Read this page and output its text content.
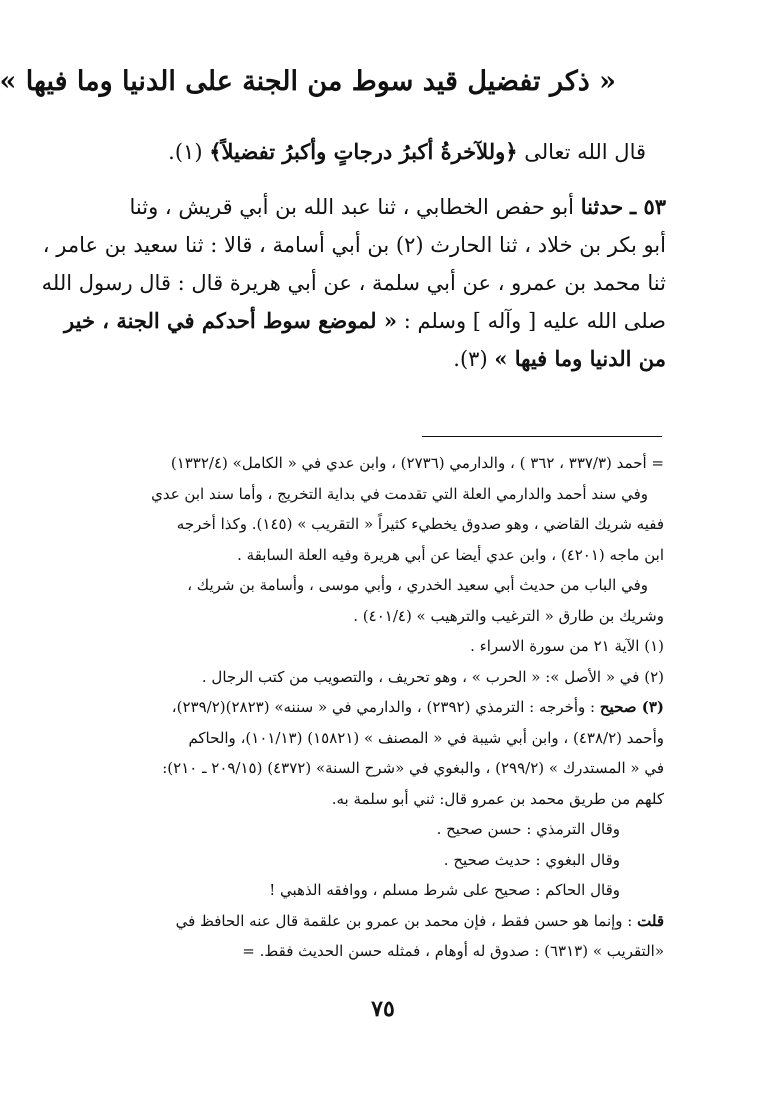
« ذكر تفضيل قيد سوط من الجنة على الدنيا وما فيها »
قال الله تعالى ﴿وللآخرةُ أكبرُ درجاتٍ وأكبرُ تفضيلاً﴾ (١).
٥٣ ـ حدثنا أبو حفص الخطابي ، ثنا عبد الله بن أبي قريش ، وثنا
أبو بكر بن خلاد ، ثنا الحارث (٢) بن أبي أسامة ، قالا : ثنا سعيد بن عامر ،
ثنا محمد بن عمرو ، عن أبي سلمة ، عن أبي هريرة قال : قال رسول الله
صلى الله عليه [ وآله ] وسلم : « لموضع سوط أحدكم في الجنة ، خير
من الدنيا وما فيها » (٣).
= أحمد (٣٣٧/٣ ، ٣٦٢ ) ، والدارمي (٢٧٣٦) ، وابن عدي في « الكامل» (١٣٣٢/٤)
وفي سند أحمد والدارمي العلة التي تقدمت في بداية التخريج ، وأما سند ابن عدي
ففيه شريك القاضي ، وهو صدوق يخطيء كثيراً « التقريب » (١٤٥). وكذا أخرجه
ابن ماجه (٤٢٠١) ، وابن عدي أيضا عن أبي هريرة وفيه العلة السابقة .
وفي الباب من حديث أبي سعيد الخدري ، وأبي موسى ، وأسامة بن شريك ،
وشريك بن طارق « الترغيب والترهيب » (٤٠١/٤) .
(١) الآية ٢١ من سورة الاسراء .
(٢) في « الأصل »: « الحرب » ، وهو تحريف ، والتصويب من كتب الرجال .
(٣) صحيح : وأخرجه : الترمذي (٢٣٩٢) ، والدارمي في « سننه» (٢٨٢٣)(٢٣٩/٢)،
وأحمد (٤٣٨/٢) ، وابن أبي شيبة في « المصنف » (١٥٨٢١) (١٠١/١٣)، والحاكم
في « المستدرك » (٢٩٩/٢) ، والبغوي في «شرح السنة» (٤٣٧٢) (٢٠٩/١٥ ـ ٢١٠):
كلهم من طريق محمد بن عمرو قال: ثني أبو سلمة به.
وقال الترمذي : حسن صحيح .
وقال البغوي : حديث صحيح .
وقال الحاكم : صحيح على شرط مسلم ، ووافقه الذهبي !
قلت : وإنما هو حسن فقط ، فإن محمد بن عمرو بن علقمة قال عنه الحافظ في
«التقريب » (٦٣١٣) : صدوق له أوهام ، فمثله حسن الحديث فقط. =
٧٥
